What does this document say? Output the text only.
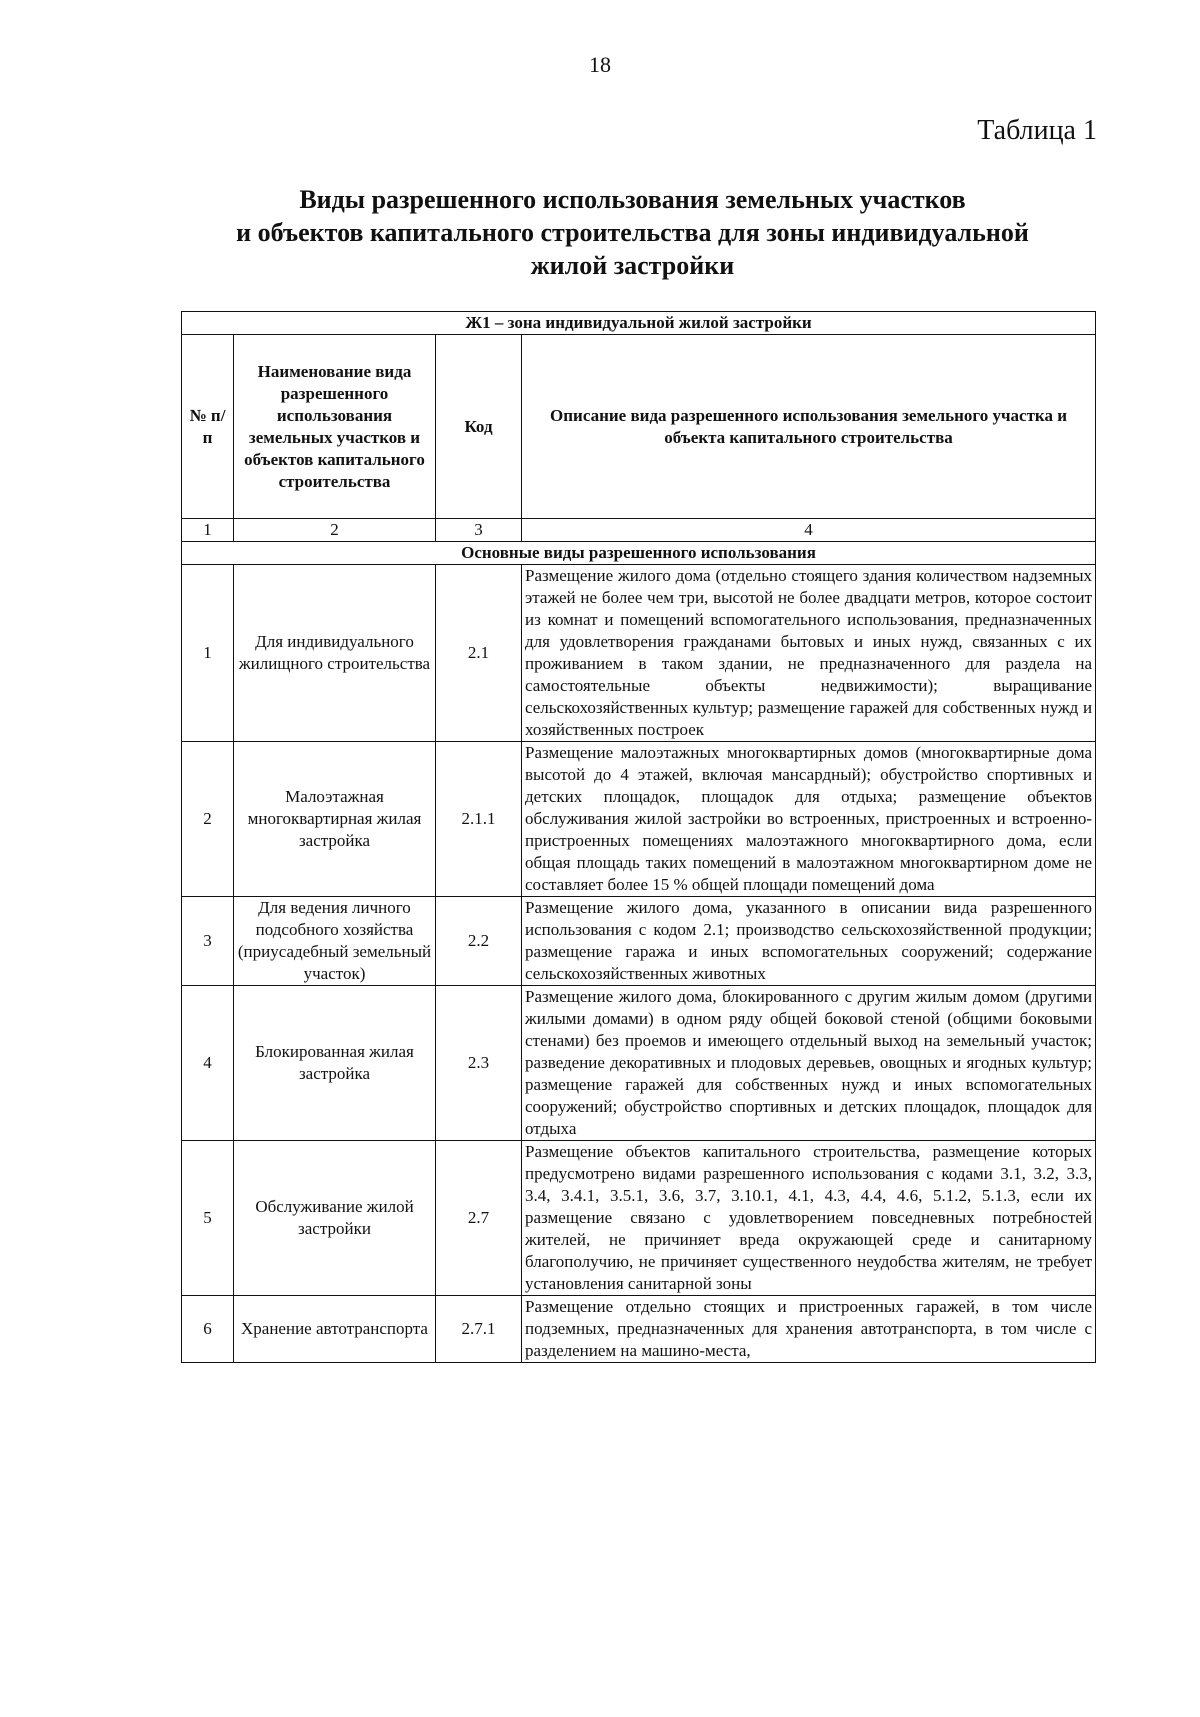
18
Таблица 1
Виды разрешенного использования земельных участков
и объектов капитального строительства для зоны индивидуальной
жилой застройки
Ж1 – зона индивидуальной жилой застройки			
№ п/п	Наименование вида разрешенного использования земельных участков и объектов капитального строительства	Код	Описание вида разрешенного использования земельного участка и объекта капитального строительства
1	2	3	4
Основные виды разрешенного использования			
1	Для индивидуального жилищного строительства	2.1	Размещение жилого дома (отдельно стоящего здания количеством надземных этажей не более чем три, высотой не более двадцати метров, которое состоит из комнат и помещений вспомогательного использования, предназначенных для удовлетворения гражданами бытовых и иных нужд, связанных с их проживанием в таком здании, не предназначенного для раздела на самостоятельные объекты недвижимости); выращивание сельскохозяйственных культур; размещение гаражей для собственных нужд и хозяйственных построек
2	Малоэтажная многоквартирная жилая застройка	2.1.1	Размещение малоэтажных многоквартирных домов (многоквартирные дома высотой до 4 этажей, включая мансардный); обустройство спортивных и детских площадок, площадок для отдыха; размещение объектов обслуживания жилой застройки во встроенных, пристроенных и встроенно-пристроенных помещениях малоэтажного многоквартирного дома, если общая площадь таких помещений в малоэтажном многоквартирном доме не составляет более 15 % общей площади помещений дома
3	Для ведения личного подсобного хозяйства (приусадебный земельный участок)	2.2	Размещение жилого дома, указанного в описании вида разрешенного использования с кодом 2.1; производство сельскохозяйственной продукции; размещение гаража и иных вспомогательных сооружений; содержание сельскохозяйственных животных
4	Блокированная жилая застройка	2.3	Размещение жилого дома, блокированного с другим жилым домом (другими жилыми домами) в одном ряду общей боковой стеной (общими боковыми стенами) без проемов и имеющего отдельный выход на земельный участок; разведение декоративных и плодовых деревьев, овощных и ягодных культур; размещение гаражей для собственных нужд и иных вспомогательных сооружений; обустройство спортивных и детских площадок, площадок для отдыха
5	Обслуживание жилой застройки	2.7	Размещение объектов капитального строительства, размещение которых предусмотрено видами разрешенного использования с кодами 3.1, 3.2, 3.3, 3.4, 3.4.1, 3.5.1, 3.6, 3.7, 3.10.1, 4.1, 4.3, 4.4, 4.6, 5.1.2, 5.1.3, если их размещение связано с удовлетворением повседневных потребностей жителей, не причиняет вреда окружающей среде и санитарному благополучию, не причиняет существенного неудобства жителям, не требует установления санитарной зоны
6	Хранение автотранспорта	2.7.1	Размещение отдельно стоящих и пристроенных гаражей, в том числе подземных, предназначенных для хранения автотранспорта, в том числе с разделением на машино-места,
